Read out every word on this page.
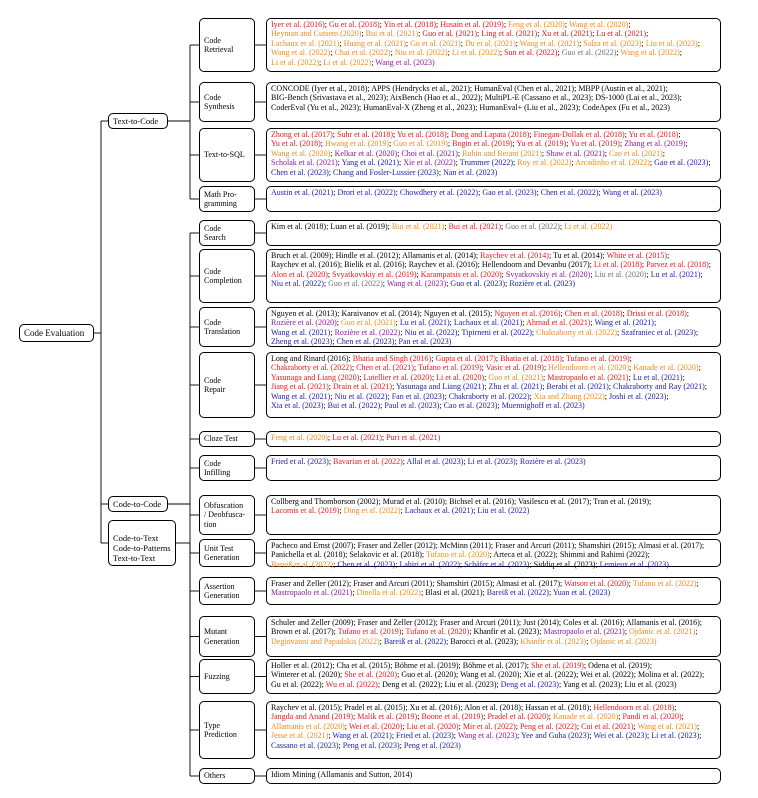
Code Evaluation
Text-to-Code
Code-to-Code

Code-to-Text
Code-to-Patterns
Text-to-Text

Code
Retrieval
Iyer et al. (2016); Gu et al. (2018); Yin et al. (2018); Husain et al. (2019); Feng et al. (2020); Wang et al. (2020); Heyman and Cutsem (2020); Bui et al. (2021); Guo et al. (2021); Ling et al. (2021); Xu et al. (2021); Lu et al. (2021); Lachaux et al. (2021); Huang et al. (2021); Gu et al. (2021); Du et al. (2021); Wang et al. (2021); Salza et al. (2023); Liu et al. (2023); Wang et al. (2022); Chai et al. (2022); Niu et al. (2022); Li et al. (2022); Sun et al. (2022); Guo et al. (2022); Wang et al. (2022); Li et al. (2022); Li et al. (2022); Wang et al. (2023)
Code
Synthesis
CONCODE (Iyer et al., 2018); APPS (Hendrycks et al., 2021); HumanEval (Chen et al., 2021); MBPP (Austin et al., 2021); BIG-Bench (Srivastava et al., 2023); AixBench (Hao et al., 2022); MultiPL-E (Cassano et al., 2023); DS-1000 (Lai et al., 2023); CoderEval (Yu et al., 2023); HumanEval-X (Zheng et al., 2023); HumanEval+ (Liu et al., 2023); CodeApex (Fu et al., 2023)
Text-to-SQL
Zhong et al. (2017); Suhr et al. (2018); Yu et al. (2018); Dong and Lapata (2018); Finegan-Dollak et al. (2018); Yu et al. (2018); Yu et al. (2018); Hwang et al. (2019); Guo et al. (2019); Bogin et al. (2019); Yu et al. (2019); Yu et al. (2019); Zhang et al. (2019); Wang et al. (2020); Kelkar et al. (2020); Choi et al. (2021); Rubin and Berant (2021); Shaw et al. (2021); Cao et al. (2021); Scholak et al. (2021); Yang et al. (2021); Xie et al. (2022); Trummer (2022); Roy et al. (2022); Arcadinho et al. (2022); Gao et al. (2023); Chen et al. (2023); Chang and Fosler-Lussier (2023); Nan et al. (2023)
Math Pro-
gramming
Austin et al. (2021); Drori et al. (2022); Chowdhery et al. (2022); Gao et al. (2023); Chen et al. (2022); Wang et al. (2023)
Code
Search
Kim et al. (2018); Luan et al. (2019); Bui et al. (2021); Bui et al. (2021); Guo et al. (2022); Li et al. (2022)
Code
Completion
Bruch et al. (2009); Hindle et al. (2012); Allamanis et al. (2014); Raychev et al. (2014); Tu et al. (2014); White et al. (2015); Raychev et al. (2016); Bielik et al. (2016); Raychev et al. (2016); Hellendoorn and Devanbu (2017); Li et al. (2018); Parvez et al. (2018); Alon et al. (2020); Svyatkovskiy et al. (2019); Karampatsis et al. (2020); Svyatkovskiy et al. (2020); Liu et al. (2020); Lu et al. (2021); Niu et al. (2022); Guo et al. (2022); Wang et al. (2023); Guo et al. (2023); Rozière et al. (2023)
Code
Translation
Nguyen et al. (2013); Karaivanov et al. (2014); Nguyen et al. (2015); Nguyen et al. (2016); Chen et al. (2018); Drissi et al. (2018); Rozière et al. (2020); Guo et al. (2021); Lu et al. (2021); Lachaux et al. (2021); Ahmad et al. (2021); Wang et al. (2021); Wang et al. (2021); Rozière et al. (2022); Niu et al. (2022); Tipirneni et al. (2022); Chakraborty et al. (2022); Szafraniec et al. (2023); Zheng et al. (2023); Chen et al. (2023); Pan et al. (2023)
Code
Repair
Long and Rinard (2016); Bhatia and Singh (2016); Gupta et al. (2017); Bhatia et al. (2018); Tufano et al. (2019); Chakraborty et al. (2022); Chen et al. (2021); Tufano et al. (2019); Vasic et al. (2019); Hellendoorn et al. (2020); Kanade et al. (2020); Yasunaga and Liang (2020); Lutellier et al. (2020); Li et al. (2020); Guo et al. (2021); Mastropaolo et al. (2021); Lu et al. (2021); Jiang et al. (2021); Drain et al. (2021); Yasunaga and Liang (2021); Zhu et al. (2021); Berabi et al. (2021); Chakraborty and Ray (2021); Wang et al. (2021); Niu et al. (2022); Fan et al. (2023); Chakraborty et al. (2022); Xia and Zhang (2022); Joshi et al. (2023); Xia et al. (2023); Bui et al. (2022); Paul et al. (2023); Cao et al. (2023); Muennighoff et al. (2023)
Cloze Test	Feng et al. (2020); Lu et al. (2021); Puri et al. (2021)
Code
Infilling
Fried et al. (2023); Bavarian et al. (2022); Allal et al. (2023); Li et al. (2023); Rozière et al. (2023)
Obfuscation
/ Deobfusca-
tion
Collberg and Thomborson (2002); Murad et al. (2010); Bichsel et al. (2016); Vasilescu et al. (2017); Tran et al. (2019); Lacomis et al. (2019); Ding et al. (2022); Lachaux et al. (2021); Liu et al. (2022)
Unit Test
Generation
Pacheco and Ernst (2007); Fraser and Zeller (2012); McMinn (2011); Fraser and Arcuri (2011); Shamshiri (2015); Almasi et al. (2017); Panichella et al. (2018); Selakovic et al. (2018); Tufano et al. (2020); Arteca et al. (2022); Shimmi and Rahimi (2022); Bareiß et al. (2022); Chen et al. (2023); Lahiri et al. (2022); Schäfer et al. (2023); Siddiq et al. (2023); Lemieux et al. (2023)
Assertion
Generation
Fraser and Zeller (2012); Fraser and Arcuri (2011); Shamshiri (2015); Almasi et al. (2017); Watson et al. (2020); Tufano et al. (2022); Mastropaolo et al. (2021); Dinella et al. (2022); Blasi et al. (2021); Bareiß et al. (2022); Yuan et al. (2023)
Mutant
Generation
Schuler and Zeller (2009); Fraser and Zeller (2012); Fraser and Arcuri (2011); Just (2014); Coles et al. (2016); Allamanis et al. (2016); Brown et al. (2017); Tufano et al. (2019); Tufano et al. (2020); Khanfir et al. (2023); Mastropaolo et al. (2021); Ojdanic et al. (2021); Degiovanni and Papadakis (2022); Bareiß et al. (2022); Barocci et al. (2023); Khanfir et al. (2023); Ojdanic et al. (2023)
Fuzzing
Holler et al. (2012); Cha et al. (2015); Böhme et al. (2019); Böhme et al. (2017); She et al. (2019); Odena et al. (2019); Winterer et al. (2020); She et al. (2020); Guo et al. (2020); Wang et al. (2020); Xie et al. (2022); Wei et al. (2022); Molina et al. (2022); Gu et al. (2022); Wu et al. (2022); Deng et al. (2022); Liu et al. (2023); Deng et al. (2023); Yang et al. (2023); Liu et al. (2023)
Type
Prediction
Raychev et al. (2015); Pradel et al. (2015); Xu et al. (2016); Alon et al. (2018); Hassan et al. (2018); Hellendoorn et al. (2018); Jangda and Anand (2019); Malik et al. (2019); Boone et al. (2019); Pradel et al. (2020); Kanade et al. (2020); Pandi et al. (2020); Allamanis et al. (2020); Wei et al. (2020); Liu et al. (2020); Mir et al. (2022); Peng et al. (2022); Cui et al. (2021); Wang et al. (2021); Jesse et al. (2021); Wang et al. (2021); Fried et al. (2023); Wang et al. (2023); Yee and Guha (2023); Wei et al. (2023); Li et al. (2023); Cassano et al. (2023); Peng et al. (2023); Peng et al. (2023)
Others	Idiom Mining (Allamanis and Sutton, 2014)
